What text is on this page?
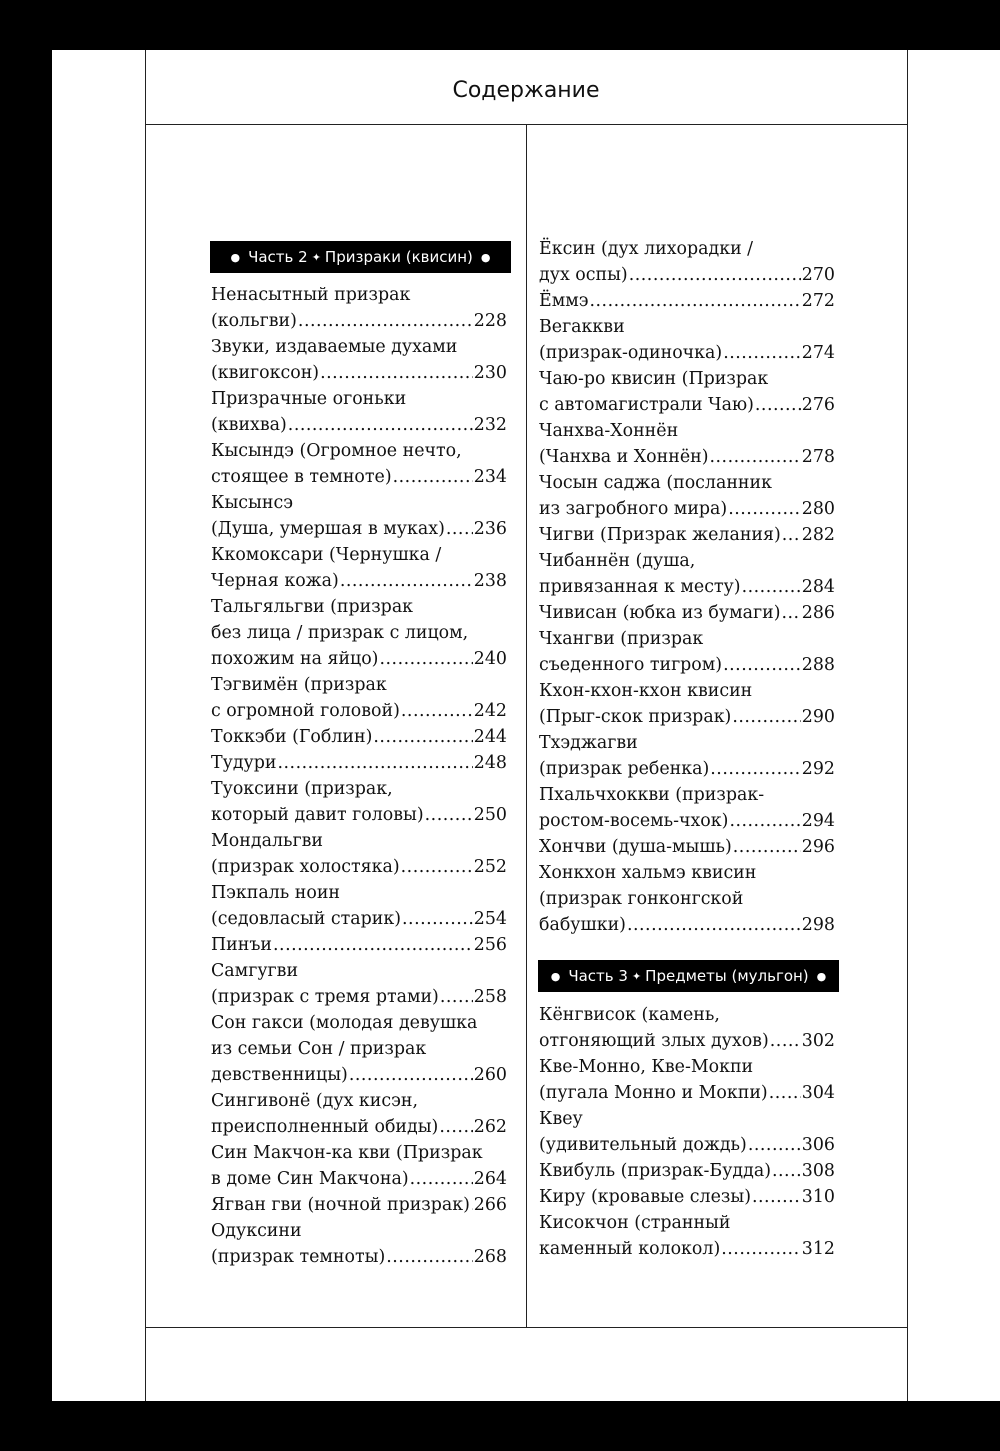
Содержание
● Часть 2 ✦ Призраки (квисин) ●
Ненасытный призрак
(кольгви) .....	228
Звуки, издаваемые духами
(квигоксон) .....	230
Призрачные огоньки
(квихва) .....	232
Кысындэ (Огромное нечто,
стоящее в темноте) .....	234
Кысынсэ
(Душа, умершая в муках) ..... 236
Ккомоксари (Чернушка /
Черная кожа) .....	238
Тальгяльгви (призрак
без лица / призрак с лицом,
похожим на яйцо) .....	240
Тэгвимён (призрак
с огромной головой) .....	242
Токкэби (Гоблин) .....	244
Тудури .....	248
Туоксини (призрак,
который давит головы) .....	250
Мондальгви
(призрак холостяка) .....	252
Пэкпаль ноин
(седовласый старик) .....	254
Пинъи .....	256
Самгугви
(призрак с тремя ртами) ..... 258
Сон гакси (молодая девушка
из семьи Сон / призрак
девственницы) .....	260
Сингивонё (дух кисэн,
преисполненный обиды) ..... 262
Син Макчон-ка кви (Призрак
в доме Син Макчона) .....	264
Ягван гви (ночной призрак) ..... 266
Одуксини
(призрак темноты) .....	268
Ёксин (дух лихорадки /
дух оспы) .....	270
Ёммэ .....	272
Вегаккви
(призрак-одиночка) .....	274
Чаю-ро квисин (Призрак
с автомагистрали Чаю) .....	276
Чанхва-Хоннён
(Чанхва и Хоннён) .....	278
Чосын саджа (посланник
из загробного мира) .....	280
Чигви (Призрак желания) ..... 282
Чибаннён (душа,
привязанная к месту) .....	284
Чивисан (юбка из бумаги) ..... 286
Чхангви (призрак
съеденного тигром) .....	288
Кхон-кхон-кхон квисин
(Прыг-скок призрак) .....	290
Тхэджагви
(призрак ребенка) .....	292
Пхальчхоккви (призрак-
ростом-восемь-чхок) .....	294
Хончви (душа-мышь) .....	296
Хонкхон хальмэ квисин
(призрак гонконгской
бабушки) .....	298
● Часть 3 ✦ Предметы (мульгон) ●
Кёнгвисок (камень,
отгоняющий злых духов) ..... 302
Кве-Монно, Кве-Мокпи
(пугала Монно и Мокпи) ..... 304
Квеу
(удивительный дождь) .....	306
Квибуль (призрак-Будда) ..... 308
Киру (кровавые слезы) .....	310
Кисокчон (странный
каменный колокол) .....	312
